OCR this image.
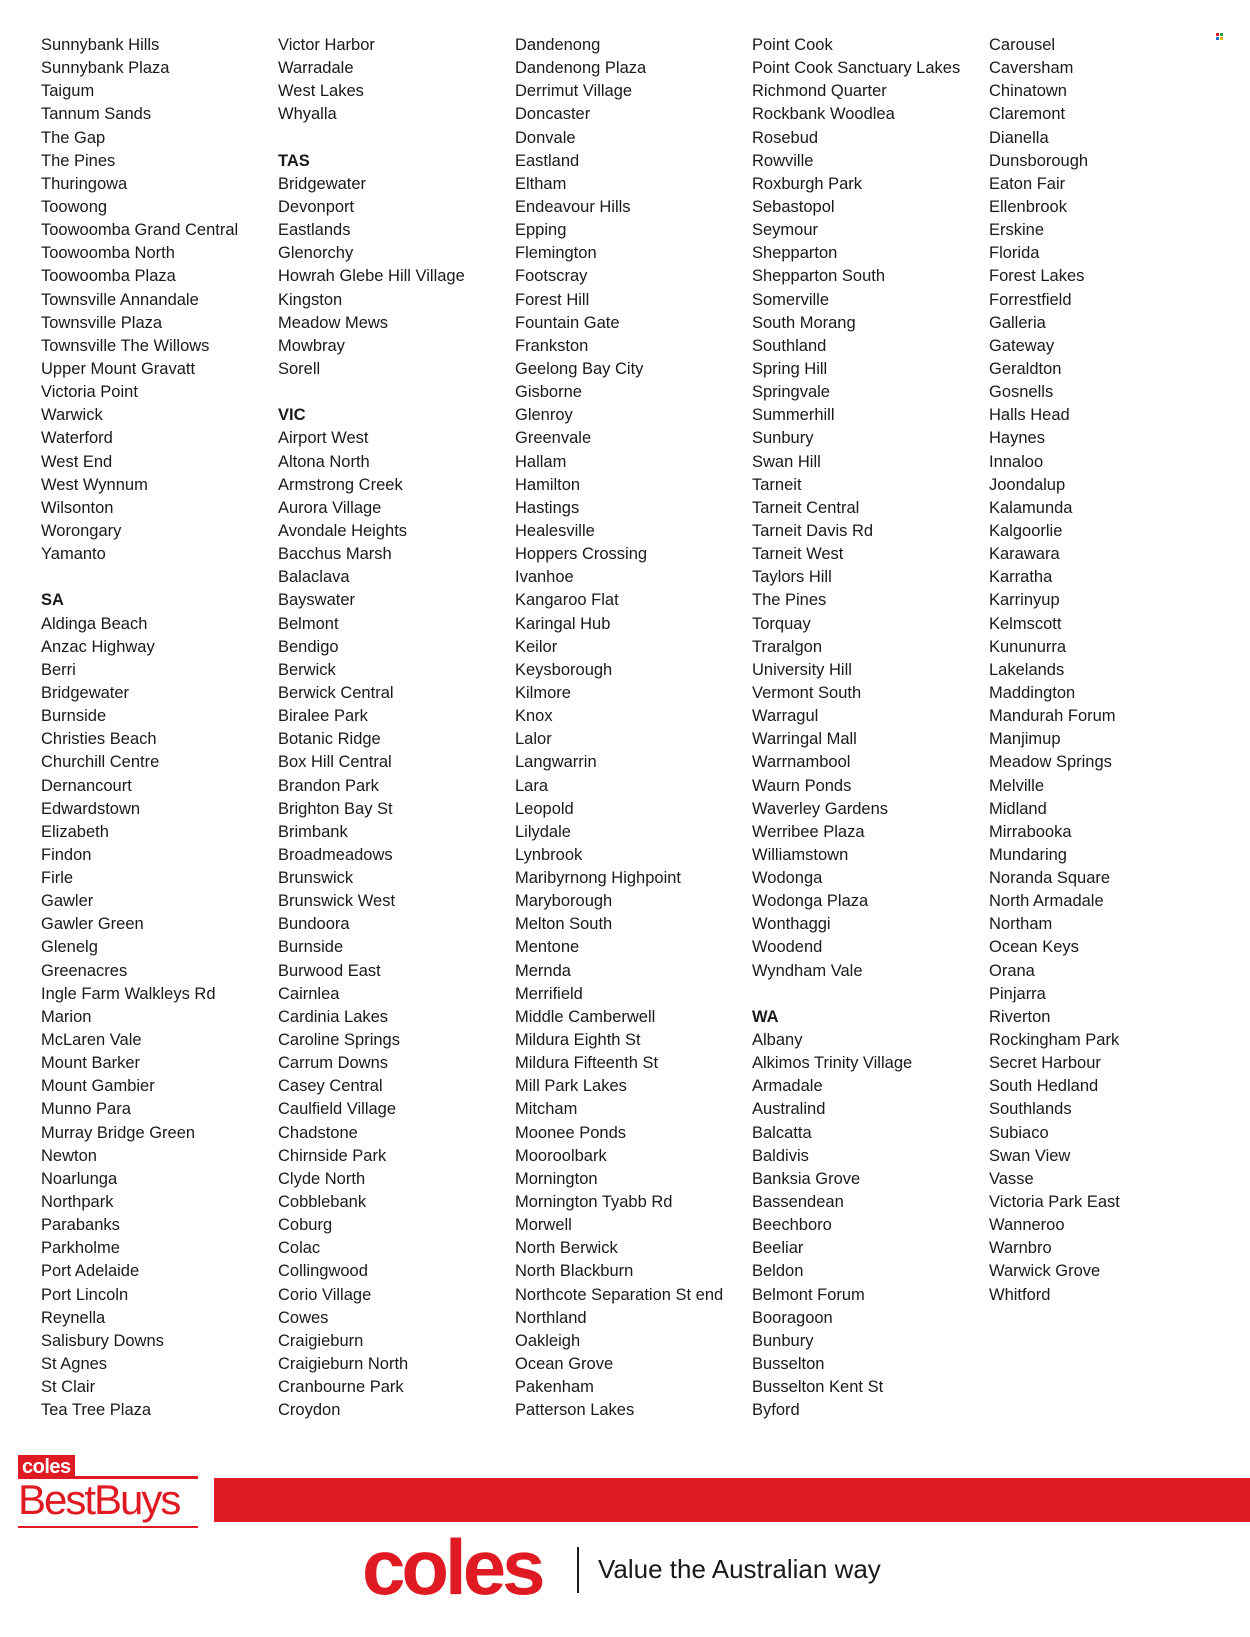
Sunnybank Hills
Sunnybank Plaza
Taigum
Tannum Sands
The Gap
The Pines
Thuringowa
Toowong
Toowoomba Grand Central
Toowoomba North
Toowoomba Plaza
Townsville Annandale
Townsville Plaza
Townsville The Willows
Upper Mount Gravatt
Victoria Point
Warwick
Waterford
West End
West Wynnum
Wilsonton
Worongary
Yamanto
SA
Aldinga Beach
Anzac Highway
Berri
Bridgewater
Burnside
Christies Beach
Churchill Centre
Dernancourt
Edwardstown
Elizabeth
Findon
Firle
Gawler
Gawler Green
Glenelg
Greenacres
Ingle Farm Walkleys Rd
Marion
McLaren Vale
Mount Barker
Mount Gambier
Munno Para
Murray Bridge Green
Newton
Noarlunga
Northpark
Parabanks
Parkholme
Port Adelaide
Port Lincoln
Reynella
Salisbury Downs
St Agnes
St Clair
Tea Tree Plaza
Victor Harbor
Warradale
West Lakes
Whyalla
TAS
Bridgewater
Devonport
Eastlands
Glenorchy
Howrah Glebe Hill Village
Kingston
Meadow Mews
Mowbray
Sorell
VIC
Airport West
Altona North
Armstrong Creek
Aurora Village
Avondale Heights
Bacchus Marsh
Balaclava
Bayswater
Belmont
Bendigo
Berwick
Berwick Central
Biralee Park
Botanic Ridge
Box Hill Central
Brandon Park
Brighton Bay St
Brimbank
Broadmeadows
Brunswick
Brunswick West
Bundoora
Burnside
Burwood East
Cairnlea
Cardinia Lakes
Caroline Springs
Carrum Downs
Casey Central
Caulfield Village
Chadstone
Chirnside Park
Clyde North
Cobblebank
Coburg
Colac
Collingwood
Corio Village
Cowes
Craigieburn
Craigieburn North
Cranbourne Park
Croydon
Dandenong
Dandenong Plaza
Derrimut Village
Doncaster
Donvale
Eastland
Eltham
Endeavour Hills
Epping
Flemington
Footscray
Forest Hill
Fountain Gate
Frankston
Geelong Bay City
Gisborne
Glenroy
Greenvale
Hallam
Hamilton
Hastings
Healesville
Hoppers Crossing
Ivanhoe
Kangaroo Flat
Karingal Hub
Keilor
Keysborough
Kilmore
Knox
Lalor
Langwarrin
Lara
Leopold
Lilydale
Lynbrook
Maribyrnong Highpoint
Maryborough
Melton South
Mentone
Mernda
Merrifield
Middle Camberwell
Mildura Eighth St
Mildura Fifteenth St
Mill Park Lakes
Mitcham
Moonee Ponds
Mooroolbark
Mornington
Mornington Tyabb Rd
Morwell
North Berwick
North Blackburn
Northcote Separation St end
Northland
Oakleigh
Ocean Grove
Pakenham
Patterson Lakes
Point Cook
Point Cook Sanctuary Lakes
Richmond Quarter
Rockbank Woodlea
Rosebud
Rowville
Roxburgh Park
Sebastopol
Seymour
Shepparton
Shepparton South
Somerville
South Morang
Southland
Spring Hill
Springvale
Summerhill
Sunbury
Swan Hill
Tarneit
Tarneit Central
Tarneit Davis Rd
Tarneit West
Taylors Hill
The Pines
Torquay
Traralgon
University Hill
Vermont South
Warragul
Warringal Mall
Warrnambool
Waurn Ponds
Waverley Gardens
Werribee Plaza
Williamstown
Wodonga
Wodonga Plaza
Wonthaggi
Woodend
Wyndham Vale
WA
Albany
Alkimos Trinity Village
Armadale
Australind
Balcatta
Baldivis
Banksia Grove
Bassendean
Beechboro
Beeliar
Beldon
Belmont Forum
Booragoon
Bunbury
Busselton
Busselton Kent St
Byford
Carousel
Caversham
Chinatown
Claremont
Dianella
Dunsborough
Eaton Fair
Ellenbrook
Erskine
Florida
Forest Lakes
Forrestfield
Galleria
Gateway
Geraldton
Gosnells
Halls Head
Haynes
Innaloo
Joondalup
Kalamunda
Kalgoorlie
Karawara
Karratha
Karrinyup
Kelmscott
Kununurra
Lakelands
Maddington
Mandurah Forum
Manjimup
Meadow Springs
Melville
Midland
Mirrabooka
Mundaring
Noranda Square
North Armadale
Northam
Ocean Keys
Orana
Pinjarra
Riverton
Rockingham Park
Secret Harbour
South Hedland
Southlands
Subiaco
Swan View
Vasse
Victoria Park East
Wanneroo
Warnbro
Warwick Grove
Whitford
coles
BestBuys
coles Value the Australian way
